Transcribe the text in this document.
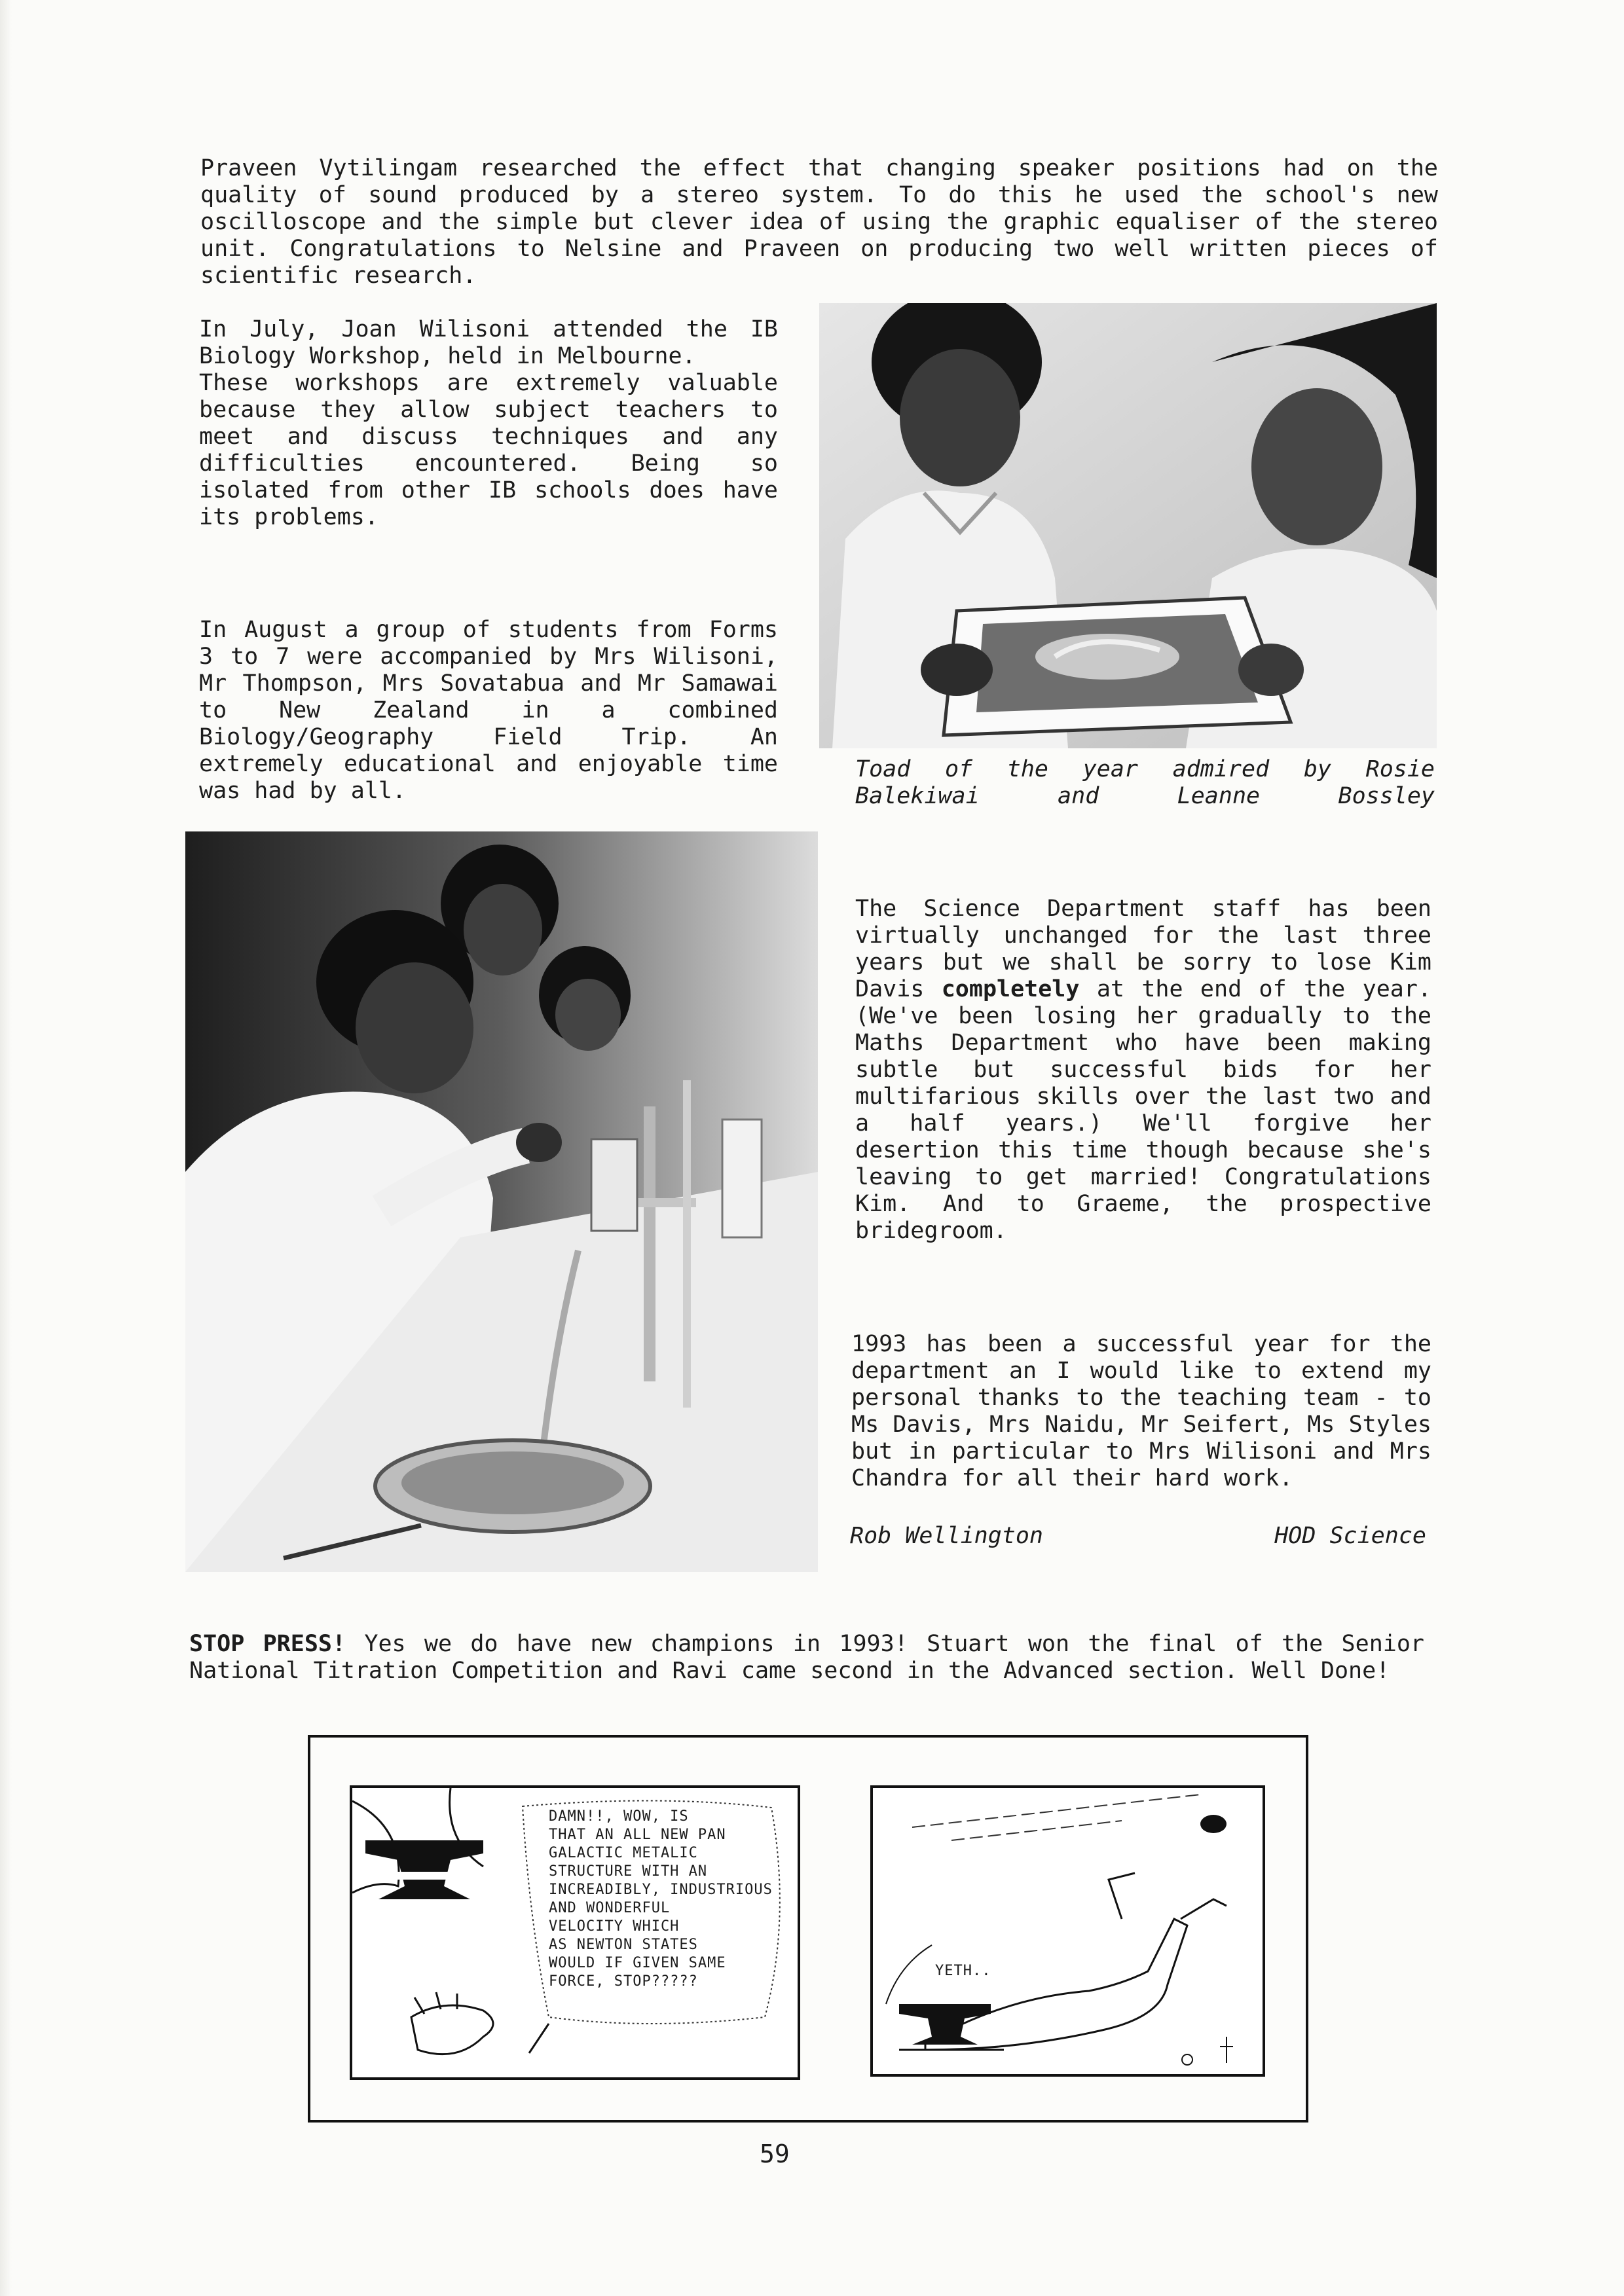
Praveen Vytilingam researched the effect that changing speaker positions had on the quality of sound produced by a stereo system. To do this he used the school's new oscilloscope and the simple but clever idea of using the graphic equaliser of the stereo unit. Congratulations to Nelsine and Praveen on producing two well written pieces of scientific research.

In July, Joan Wilisoni attended the IB Biology Workshop, held in Melbourne.

These workshops are extremely valuable because they allow subject teachers to meet and discuss techniques and any difficulties encountered. Being so isolated from other IB schools does have its problems.

In August a group of students from Forms 3 to 7 were accompanied by Mrs Wilisoni, Mr Thompson, Mrs Sovatabua and Mr Samawai to New Zealand in a combined Biology/Geography Field Trip. An extremely educational and enjoyable time was had by all.

Toad of the year admired by Rosie Balekiwai and Leanne Bossley

The Science Department staff has been virtually unchanged for the last three years but we shall be sorry to lose Kim Davis completely at the end of the year. (We've been losing her gradually to the Maths Department who have been making subtle but successful bids for her multifarious skills over the last two and a half years.) We'll forgive her desertion this time though because she's leaving to get married! Congratulations Kim. And to Graeme, the prospective bridegroom.

1993 has been a successful year for the department an I would like to extend my personal thanks to the teaching team - to Ms Davis, Mrs Naidu, Mr Seifert, Ms Styles but in particular to Mrs Wilisoni and Mrs Chandra for all their hard work.

Rob Wellington	HOD Science

STOP PRESS! Yes we do have new champions in 1993! Stuart won the final of the Senior National Titration Competition and Ravi came second in the Advanced section. Well Done!

DAMN!!, WOW, IS
THAT AN ALL NEW PAN
GALACTIC METALIC
STRUCTURE WITH AN
INCREADIBLY, INDUSTRIOUS
AND WONDERFUL
VELOCITY WHICH
AS NEWTON STATES
WOULD IF GIVEN SAME
FORCE, STOP?????
YETH..
59
